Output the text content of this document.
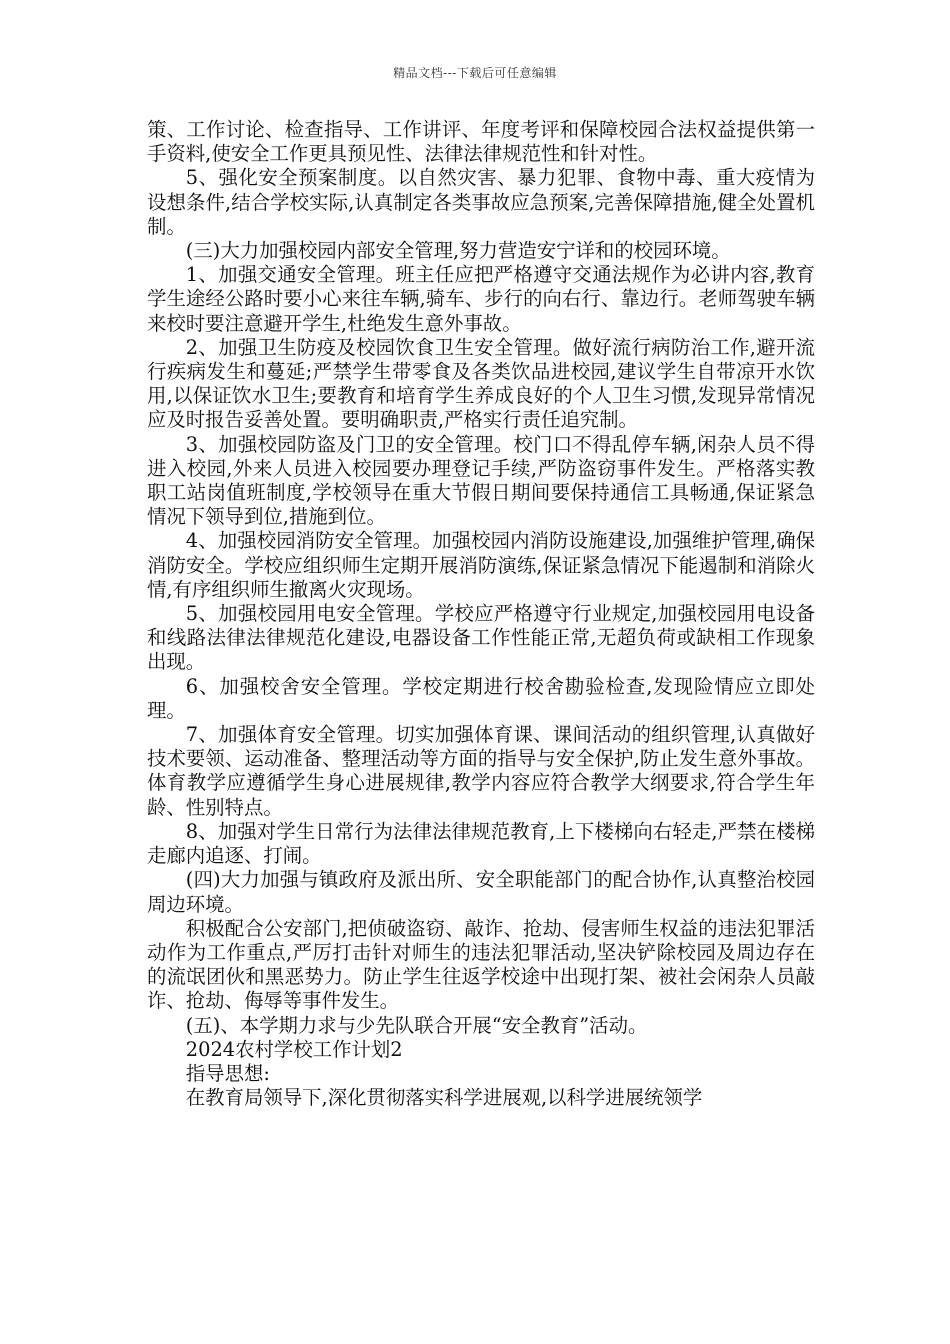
精品文档---下载后可任意编辑

策、工作讨论、检查指导、工作讲评、年度考评和保障校园合法权益提供第一手资料,使安全工作更具预见性、法律法律规范性和针对性。

5、强化安全预案制度。以自然灾害、暴力犯罪、食物中毒、重大疫情为设想条件,结合学校实际,认真制定各类事故应急预案,完善保障措施,健全处置机制。

(三)大力加强校园内部安全管理,努力营造安宁详和的校园环境。

1、加强交通安全管理。班主任应把严格遵守交通法规作为必讲内容,教育学生途经公路时要小心来往车辆,骑车、步行的向右行、靠边行。老师驾驶车辆来校时要注意避开学生,杜绝发生意外事故。

2、加强卫生防疫及校园饮食卫生安全管理。做好流行病防治工作,避开流行疾病发生和蔓延;严禁学生带零食及各类饮品进校园,建议学生自带凉开水饮用,以保证饮水卫生;要教育和培育学生养成良好的个人卫生习惯,发现异常情况应及时报告妥善处置。要明确职责,严格实行责任追究制。

3、加强校园防盗及门卫的安全管理。校门口不得乱停车辆,闲杂人员不得进入校园,外来人员进入校园要办理登记手续,严防盗窃事件发生。严格落实教职工站岗值班制度,学校领导在重大节假日期间要保持通信工具畅通,保证紧急情况下领导到位,措施到位。

4、加强校园消防安全管理。加强校园内消防设施建设,加强维护管理,确保消防安全。学校应组织师生定期开展消防演练,保证紧急情况下能遏制和消除火情,有序组织师生撤离火灾现场。

5、加强校园用电安全管理。学校应严格遵守行业规定,加强校园用电设备和线路法律法律规范化建设,电器设备工作性能正常,无超负荷或缺相工作现象出现。

6、加强校舍安全管理。学校定期进行校舍勘验检查,发现险情应立即处理。

7、加强体育安全管理。切实加强体育课、课间活动的组织管理,认真做好技术要领、运动准备、整理活动等方面的指导与安全保护,防止发生意外事故。体育教学应遵循学生身心进展规律,教学内容应符合教学大纲要求,符合学生年龄、性别特点。

8、加强对学生日常行为法律法律规范教育,上下楼梯向右轻走,严禁在楼梯走廊内追逐、打闹。

(四)大力加强与镇政府及派出所、安全职能部门的配合协作,认真整治校园周边环境。

积极配合公安部门,把侦破盗窃、敲诈、抢劫、侵害师生权益的违法犯罪活动作为工作重点,严厉打击针对师生的违法犯罪活动,坚决铲除校园及周边存在的流氓团伙和黑恶势力。防止学生往返学校途中出现打架、被社会闲杂人员敲诈、抢劫、侮辱等事件发生。

(五)、本学期力求与少先队联合开展“安全教育”活动。

2024农村学校工作计划2

指导思想:

在教育局领导下,深化贯彻落实科学进展观,以科学进展统领学
